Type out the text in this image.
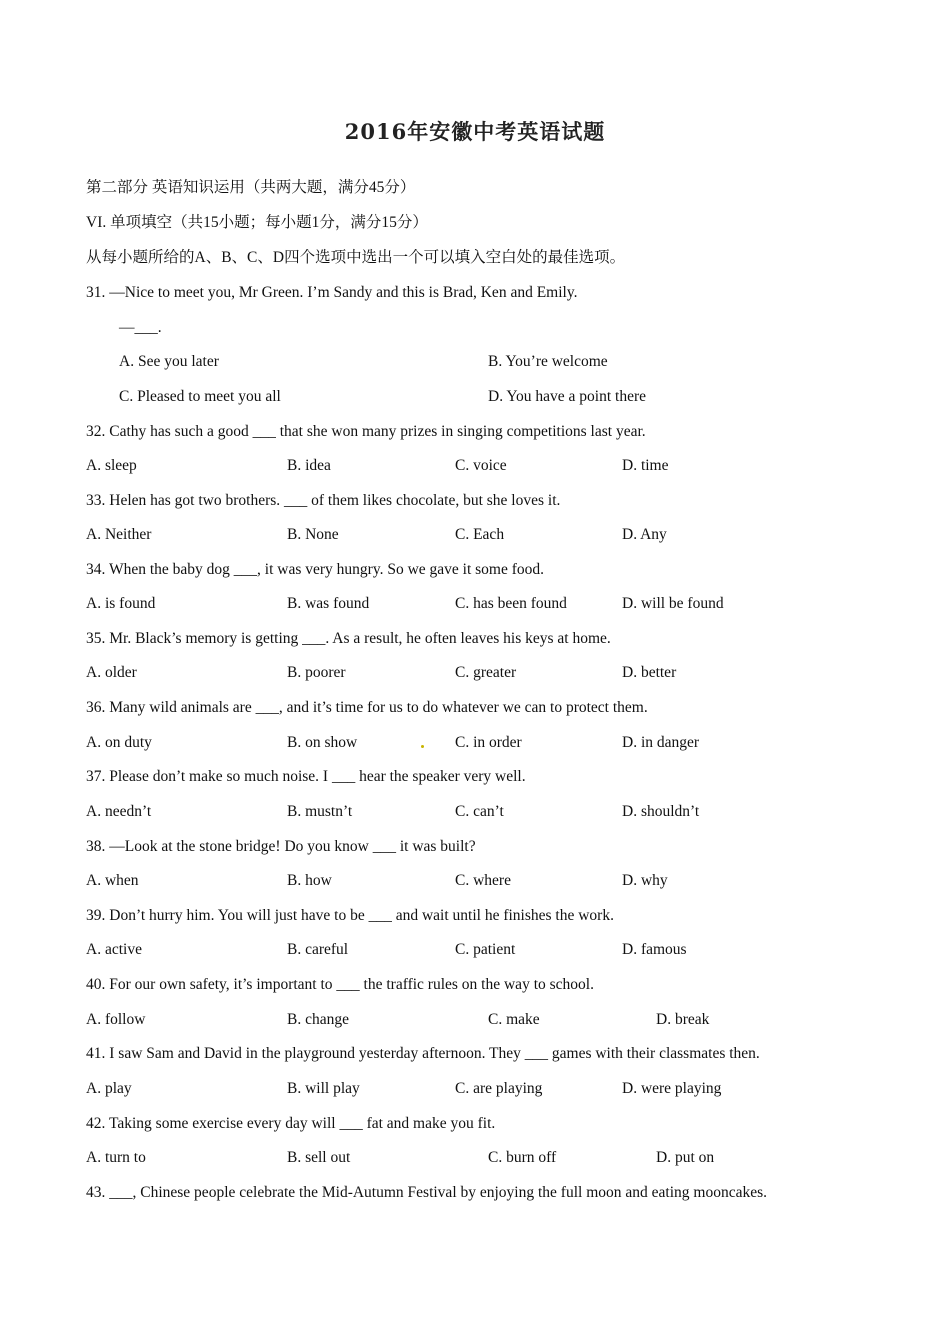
2016年安徽中考英语试题
第二部分 英语知识运用（共两大题，满分45分）
VI. 单项填空（共15小题；每小题1分，满分15分）
从每小题所给的A、B、C、D四个选项中选出一个可以填入空白处的最佳选项。
31. —Nice to meet you, Mr Green. I’m Sandy and this is Brad, Ken and Emily.
—___.
A. See you later	B. You’re welcome
C. Pleased to meet you all	D. You have a point there
32. Cathy has such a good ___ that she won many prizes in singing competitions last year.
A. sleep	B. idea	C. voice	D. time
33. Helen has got two brothers. ___ of them likes chocolate, but she loves it.
A. Neither	B. None	C. Each	D. Any
34. When the baby dog ___, it was very hungry. So we gave it some food.
A. is found	B. was found	C. has been found	D. will be found
35. Mr. Black’s memory is getting ___. As a result, he often leaves his keys at home.
A. older	B. poorer	C. greater	D. better
36. Many wild animals are ___, and it’s time for us to do whatever we can to protect them.
A. on duty	B. on show	C. in order	D. in danger
37. Please don’t make so much noise. I ___ hear the speaker very well.
A. needn’t	B. mustn’t	C. can’t	D. shouldn’t
38. —Look at the stone bridge! Do you know ___ it was built?
A. when	B. how	C. where	D. why
39. Don’t hurry him. You will just have to be ___ and wait until he finishes the work.
A. active	B. careful	C. patient	D. famous
40. For our own safety, it’s important to ___ the traffic rules on the way to school.
A. follow	B. change	C. make	D. break
41. I saw Sam and David in the playground yesterday afternoon. They ___ games with their classmates then.
A. play	B. will play	C. are playing	D. were playing
42. Taking some exercise every day will ___ fat and make you fit.
A. turn to	B. sell out	C. burn off	D. put on
43. ___, Chinese people celebrate the Mid-Autumn Festival by enjoying the full moon and eating mooncakes.
